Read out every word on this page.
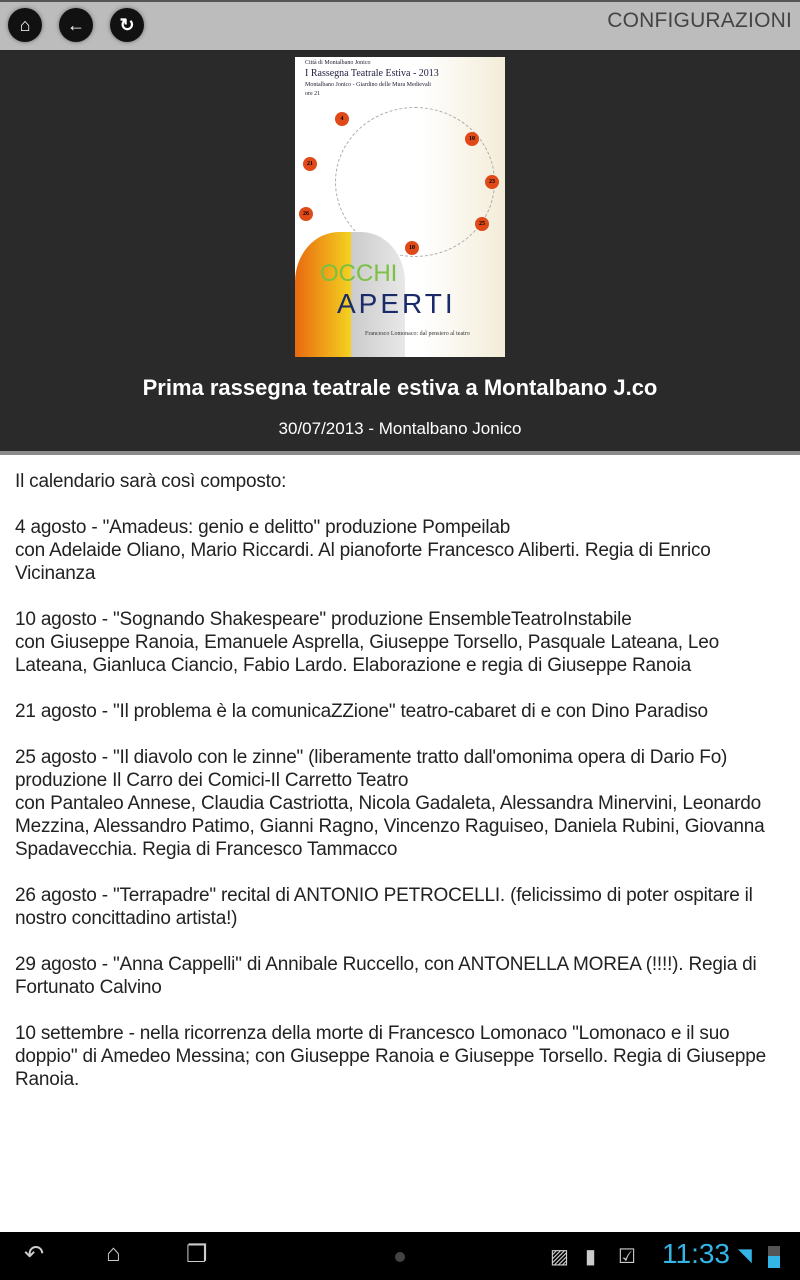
⌂	←	↻	CONFIGURAZIONI
Città di Montalbano Jonico
I Rassegna Teatrale Estiva - 2013
Montalbano Jonico - Giardino delle Mura Medievali
ore 21
4
10
21
23
26
25
10
OCCHI
APERTI
Francesco Lomonaco: dal pensiero al teatro
Prima rassegna teatrale estiva a Montalbano J.co
30/07/2013 - Montalbano Jonico

Il calendario sarà così composto:

4 agosto - "Amadeus: genio e delitto" produzione Pompeilab
con Adelaide Oliano, Mario Riccardi. Al pianoforte Francesco Aliberti. Regia di Enrico Vicinanza

10 agosto - "Sognando Shakespeare" produzione EnsembleTeatroInstabile
con Giuseppe Ranoia, Emanuele Asprella, Giuseppe Torsello, Pasquale Lateana, Leo Lateana, Gianluca Ciancio, Fabio Lardo. Elaborazione e regia di Giuseppe Ranoia

21 agosto - "Il problema è la comunicaZZione" teatro-cabaret di e con Dino Paradiso

25 agosto - "Il diavolo con le zinne" (liberamente tratto dall'omonima opera di Dario Fo) produzione Il Carro dei Comici-Il Carretto Teatro
con Pantaleo Annese, Claudia Castriotta, Nicola Gadaleta, Alessandra Minervini, Leonardo Mezzina, Alessandro Patimo, Gianni Ragno, Vincenzo Raguiseo, Daniela Rubini, Giovanna Spadavecchia. Regia di Francesco Tammacco

26 agosto - "Terrapadre" recital di ANTONIO PETROCELLI. (felicissimo di poter ospitare il nostro concittadino artista!)

29 agosto - "Anna Cappelli" di Annibale Ruccello, con ANTONELLA MOREA (!!!!). Regia di Fortunato Calvino

10 settembre - nella ricorrenza della morte di Francesco Lomonaco "Lomonaco e il suo doppio" di Amedeo Messina; con Giuseppe Ranoia e Giuseppe Torsello. Regia di Giuseppe Ranoia.

↶	⌂	❐	▨ ▮ ☑ 11:33 ◥
